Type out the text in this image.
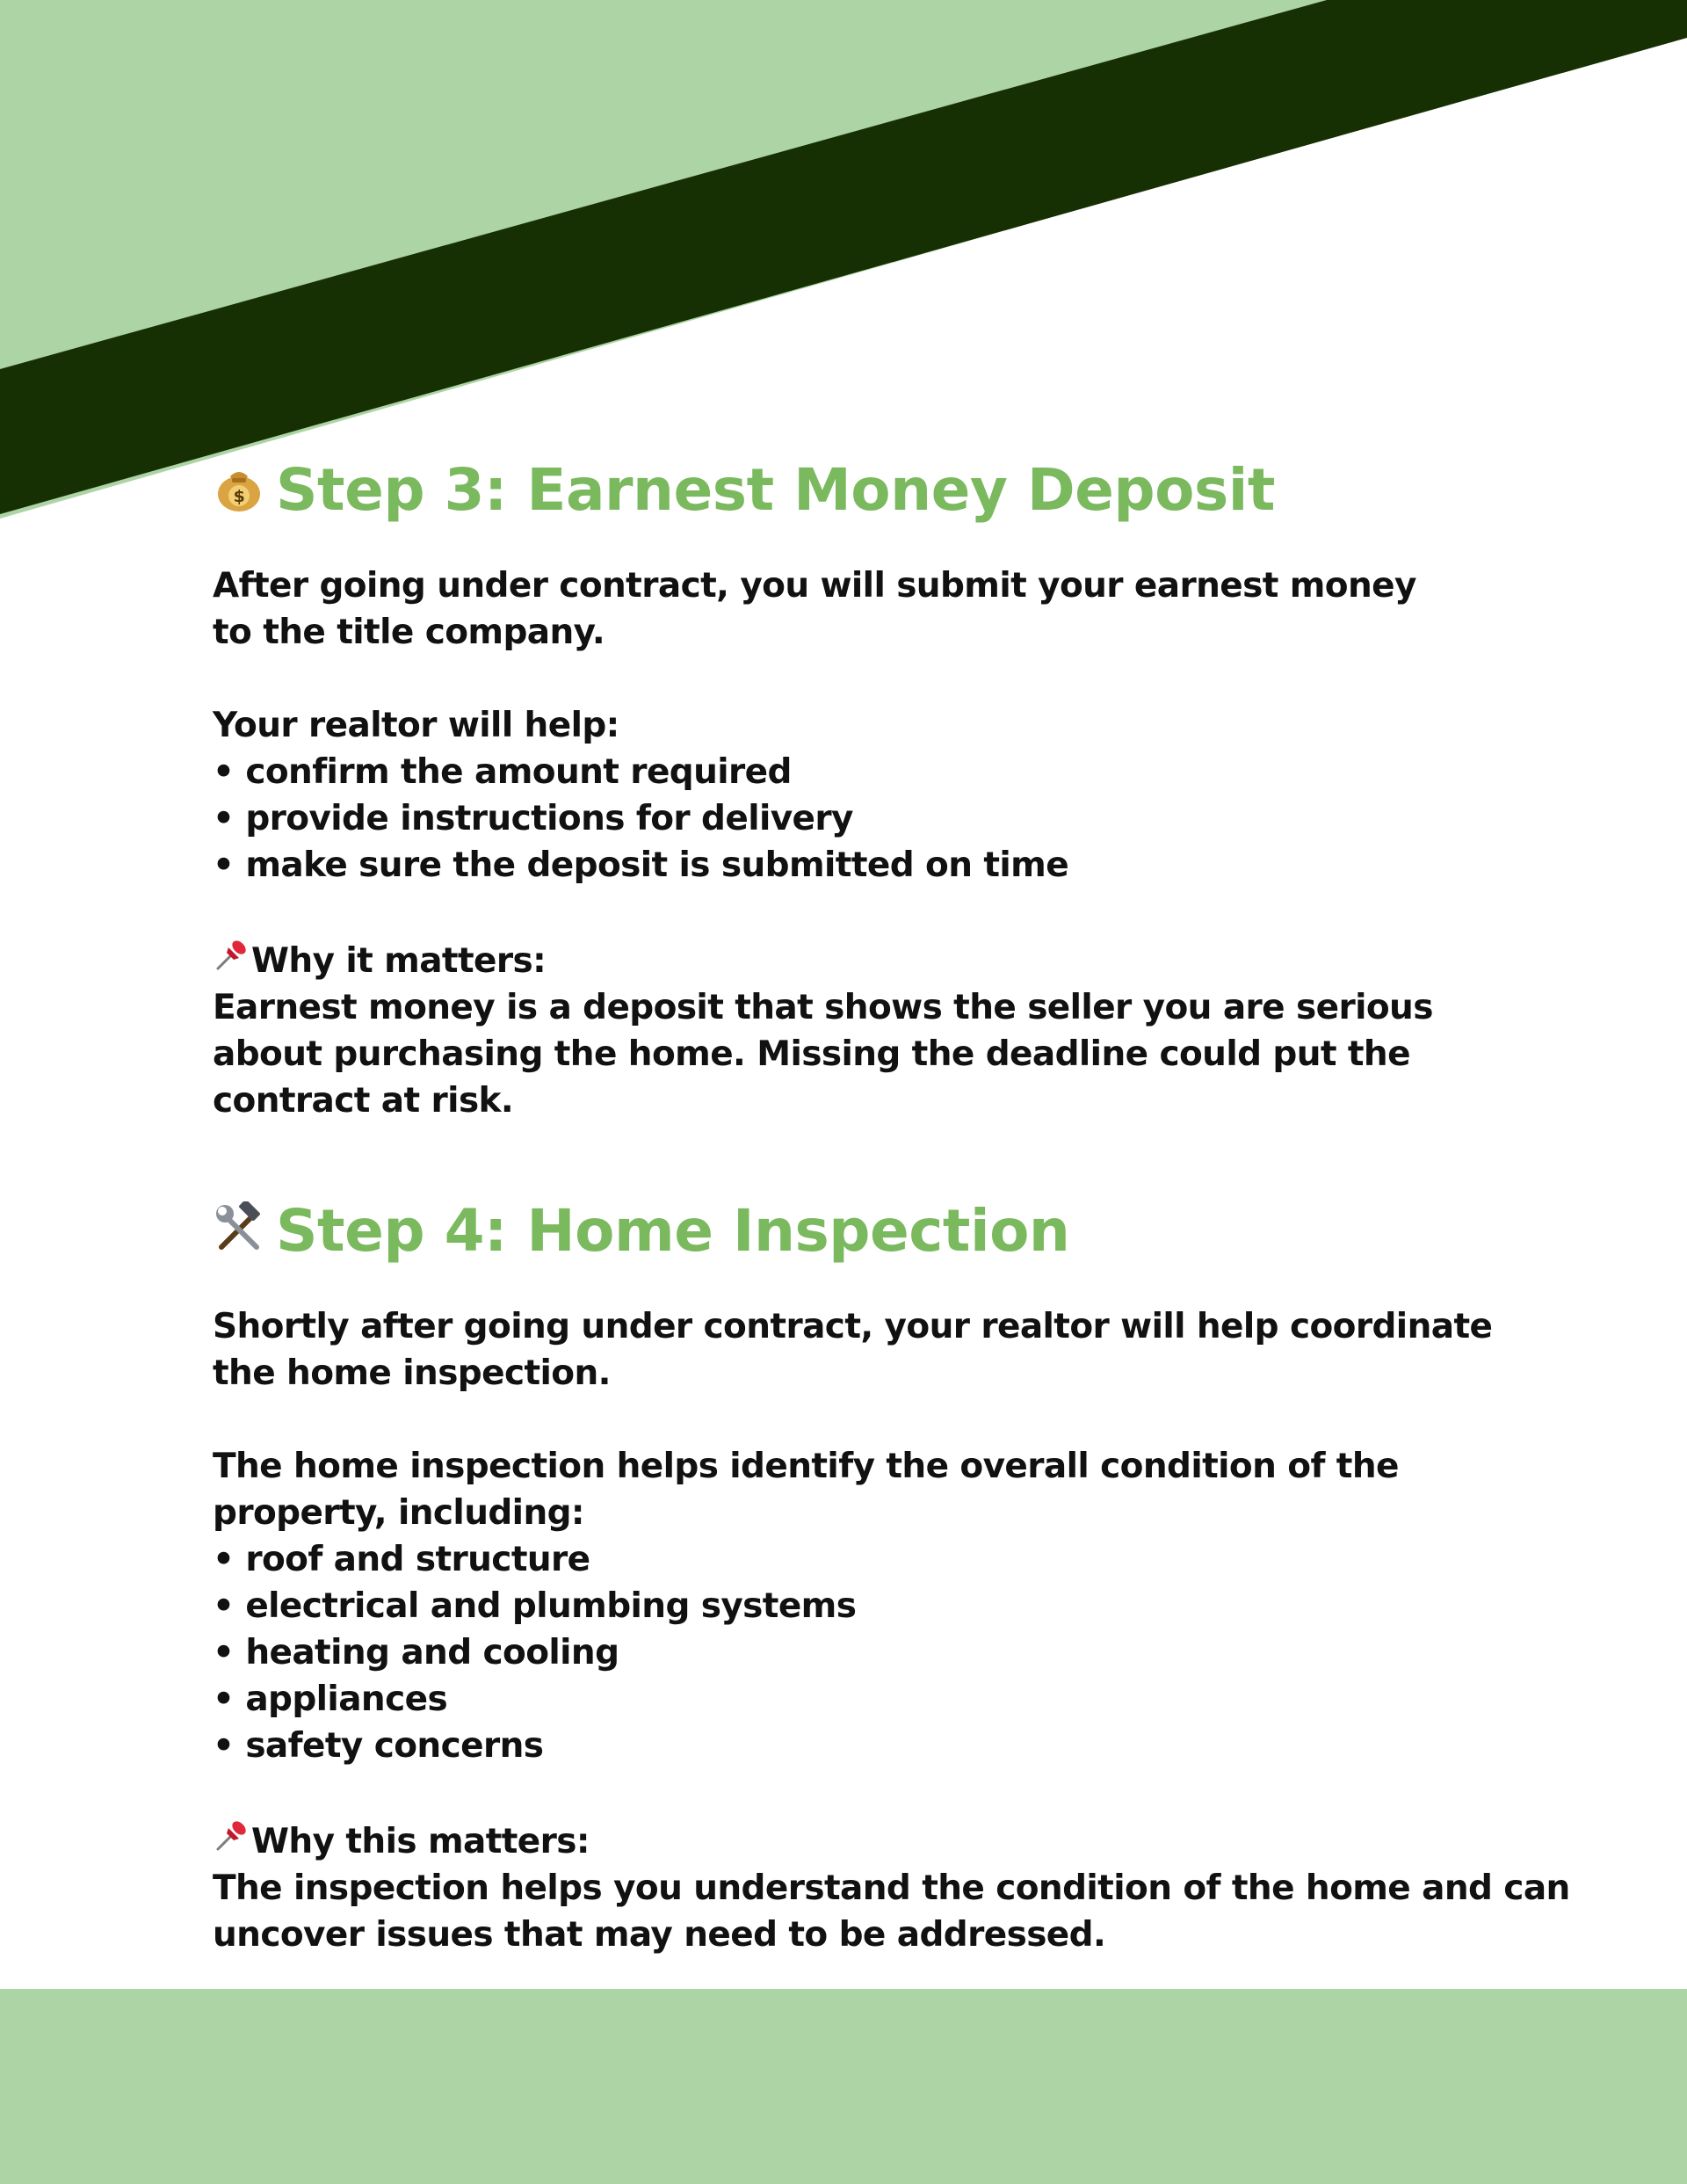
$ Step 3: Earnest Money Deposit

After going under contract, you will submit your earnest money
to the title company.

Your realtor will help:

• confirm the amount required
• provide instructions for delivery
• make sure the deposit is submitted on time

Why it matters:

Earnest money is a deposit that shows the seller you are serious
about purchasing the home. Missing the deadline could put the
contract at risk.

Step 4: Home Inspection

Shortly after going under contract, your realtor will help coordinate
the home inspection.

The home inspection helps identify the overall condition of the
property, including:

• roof and structure
• electrical and plumbing systems
• heating and cooling
• appliances
• safety concerns

Why this matters:

The inspection helps you understand the condition of the home and can
uncover issues that may need to be addressed.
